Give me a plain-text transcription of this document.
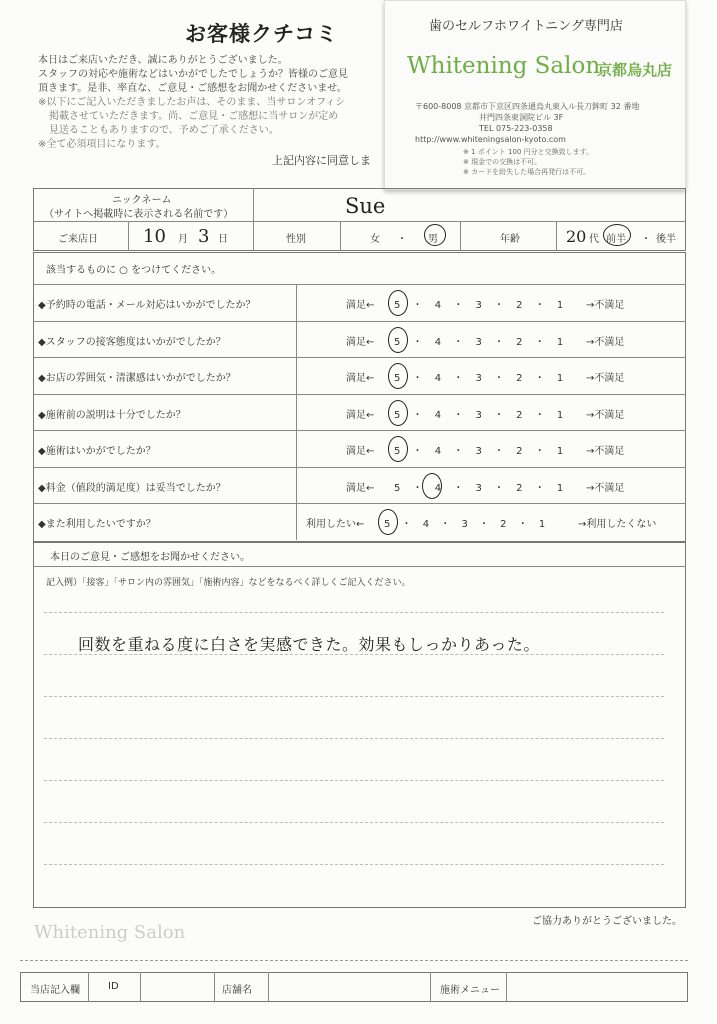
お客様クチコミ
本日はご来店いただき、誠にありがとうございました。
スタッフの対応や施術などはいかがでしたでしょうか？皆様のご意見
頂きます。是非、率直な、ご意見・ご感想をお聞かせくださいませ。
※以下にご記入いただきましたお声は、そのまま、当サロンオフィシ
掲載させていただきます。尚、ご意見・ご感想に当サロンが定め
見送ることもありますので、予めご了承ください。
※全て必須項目になります。
上記内容に同意しま
歯のセルフホワイトニング専門店
Whitening Salon
京都烏丸店
〒600-8008 京都市下京区四条通烏丸東入ル長刀鉾町 32 番地
井門四条東洞院ビル 3F
TEL 075-223-0358
http://www.whiteningsalon-kyoto.com
※ 1 ポイント 100 円分と交換致します。
※ 現金での交換は不可。
※ カードを紛失した場合再発行は不可。
ニックネーム
（サイトへ掲載時に表示される名前です）	Sue
ご来店日	10 月 3 日	性別	女 ・ 男	年齢	20 代 前半 ・ 後半
該当するものに ○ をつけてください。
◆予約時の電話・メール対応はいかがでしたか？	満足← 5 ・ 4 ・ 3 ・ 2 ・ 1 →不満足
◆スタッフの接客態度はいかがでしたか？	満足← 5 ・ 4 ・ 3 ・ 2 ・ 1 →不満足
◆お店の雰囲気・清潔感はいかがでしたか？	満足← 5 ・ 4 ・ 3 ・ 2 ・ 1 →不満足
◆施術前の説明は十分でしたか？	満足← 5 ・ 4 ・ 3 ・ 2 ・ 1 →不満足
◆施術はいかがでしたか？	満足← 5 ・ 4 ・ 3 ・ 2 ・ 1 →不満足
◆料金（値段的満足度）は妥当でしたか？	満足← 5 ・ 4 ・ 3 ・ 2 ・ 1 →不満足
◆また利用したいですか？	利用したい← 5 ・ 4 ・ 3 ・ 2 ・ 1	→利用したくない
本日のご意見・ご感想をお聞かせください。
記入例）「接客」「サロン内の雰囲気」「施術内容」などをなるべく詳しくご記入ください。
回数を重ねる度に白さを実感できた。効果もしっかりあった。
Whitening Salon
ご協力ありがとうございました。
当店記入欄	ID	店舗名	施術メニュー
